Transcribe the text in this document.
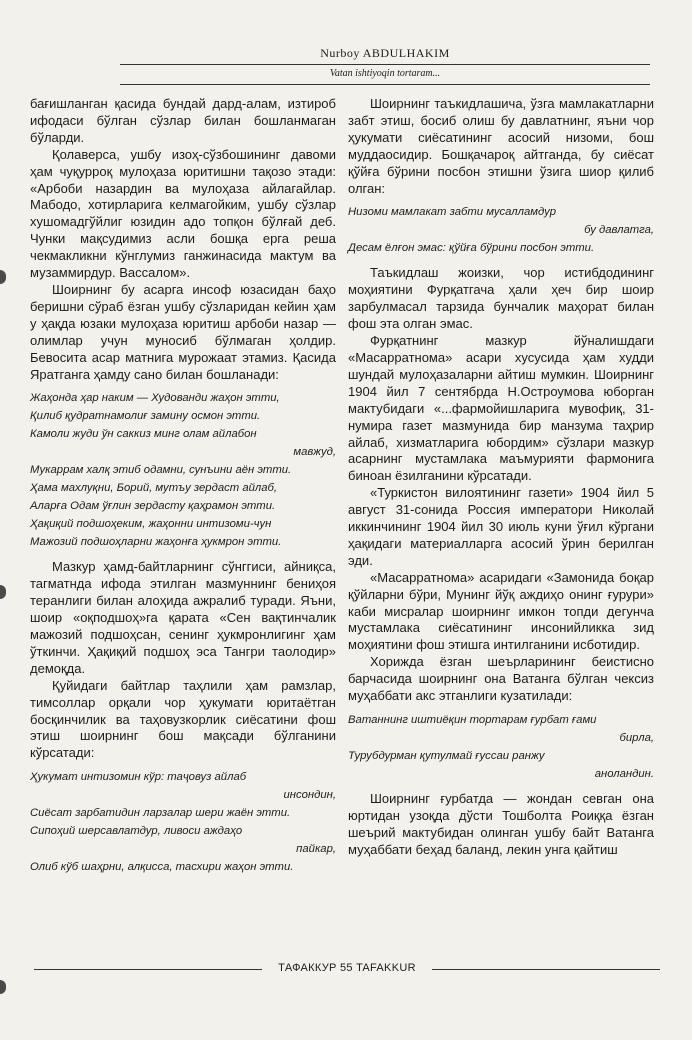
Nurboy ABDULHAKIM
Vatan ishtiyoqin tortaram...

бағишланган қасида бундай дард-алам, изтироб ифодаси бўлган сўзлар билан бошланмаган бўларди.

Қолаверса, ушбу изоҳ-сўзбошининг давоми ҳам чуқурроқ мулоҳаза юритишни тақозо этади: «Арбоби назардин ва мулоҳаза айлагайлар. Мабодо, хотирларига келмагойким, ушбу сўзлар хушомадгўйлиг юзидин адо топқон бўлғай деб. Чунки мақсудимиз асли бошқа ерга реша чекмакликни кўнглумиз ганжинасида мактум ва музаммирдур. Вассалом».

Шоирнинг бу асарга инсоф юзасидан баҳо беришни сўраб ёзган ушбу сўзларидан кейин ҳам у ҳақда юзаки мулоҳаза юритиш арбоби назар — олимлар учун муносиб бўлмаган ҳолдир. Бевосита асар матнига мурожаат этамиз. Қасида Яратганга ҳамду сано билан бошланади:

Жаҳонда ҳар наким — Худованди жаҳон этти,
Қилиб қудратнамолиғ замину осмон этти.
Камоли жуди ўн саккиз минг олам айлабон
мавжуд,
Мукаррам халқ этиб одамни, сунъини аён этти.
Ҳама махлуқни, Борий, мутъу зердаст айлаб,
Аларға Одам ўғлин зердасту қаҳрамон этти.
Ҳақиқий подшоҳеким, жаҳонни интизоми-чун
Мажозий подшоҳларни жаҳонға ҳукмрон этти.

Мазкур ҳамд-байтларнинг сўнггиси, айниқса, тагматнда ифода этилган мазмуннинг бениҳоя теранлиги билан алоҳида ажралиб туради. Яъни, шоир «оқподшоҳ»га қарата «Сен вақтинчалик мажозий подшоҳсан, сенинг ҳукмронлигинг ҳам ўткинчи. Ҳақиқий подшоҳ эса Тангри таолодир» демоқда.

Қуйидаги байтлар таҳлили ҳам рамзлар, тимсоллар орқали чор ҳукумати юритаётган босқинчилик ва таҳовузкорлик сиёсатини фош этиш шоирнинг бош мақсади бўлганини кўрсатади:

Ҳукумат интизомин кўр: таҷовуз айлаб
инсондин,
Сиёсат зарбатидин ларзалар шери жаён этти.
Сипоҳий шерсавлатдур, ливоси аждаҳо
пайкар,
Олиб кўб шаҳрни, алқисса, тасхири жаҳон этти.

Шоирнинг таъкидлашича, ўзга мамлакатларни забт этиш, босиб олиш бу давлатнинг, яъни чор ҳукумати сиёсатининг асосий низоми, бош муддаосидир. Бошқачароқ айтганда, бу сиёсат қўйға бўрини посбон этишни ўзига шиор қилиб олган:

Низоми мамлакат забти мусалламдур
бу давлатга,
Десам ёлғон эмас: қўйға бўрини посбон этти.

Таъкидлаш жоизки, чор истибдодининг моҳиятини Фурқатгача ҳали ҳеч бир шоир зарбулмасал тарзида бунчалик маҳорат билан фош эта олган эмас.

Фурқатнинг мазкур йўналишдаги «Масарратнома» асари хусусида ҳам худди шундай мулоҳазаларни айтиш мумкин. Шоирнинг 1904 йил 7 сентябрда Н.Остроумова юборган мактубидаги «...фармойишларига мувофиқ, 31-нумира газет мазмунида бир манзума таҳрир айлаб, хизматларига юбордим» сўзлари мазкур асарнинг мустамлака маъмурияти фармонига биноан ёзилганини кўрсатади.

«Туркистон вилоятининг газети» 1904 йил 5 август 31-сонида Россия императори Николай иккинчининг 1904 йил 30 июль куни ўғил кўргани ҳақидаги материалларга асосий ўрин берилган эди.

«Масарратнома» асаридаги «Замонида боқар қўйларни бўри, Мунинг йўқ аждиҳо онинг ғурури» каби мисралар шоирнинг имкон топди дегунча мустамлака сиёсатининг инсонийликка зид моҳиятини фош этишга интилганини исботидир.

Хорижда ёзган шеърларининг беистисно барчасида шоирнинг она Ватанга бўлган чексиз муҳаббати акс этганлиги кузатилади:

Ватаннинг иштиёқин тортарам ғурбат ғами
бирла,
Турубдурман қутулмай ғуссаи ранжу
аноландин.

Шоирнинг ғурбатда — жондан севган она юртидан узоқда дўсти Тошболта Роиққа ёзган шеърий мактубидан олинган ушбу байт Ватанга муҳаббати беҳад баланд, лекин унга қайтиш

ТАФАККУР 55 TAFAKKUR
